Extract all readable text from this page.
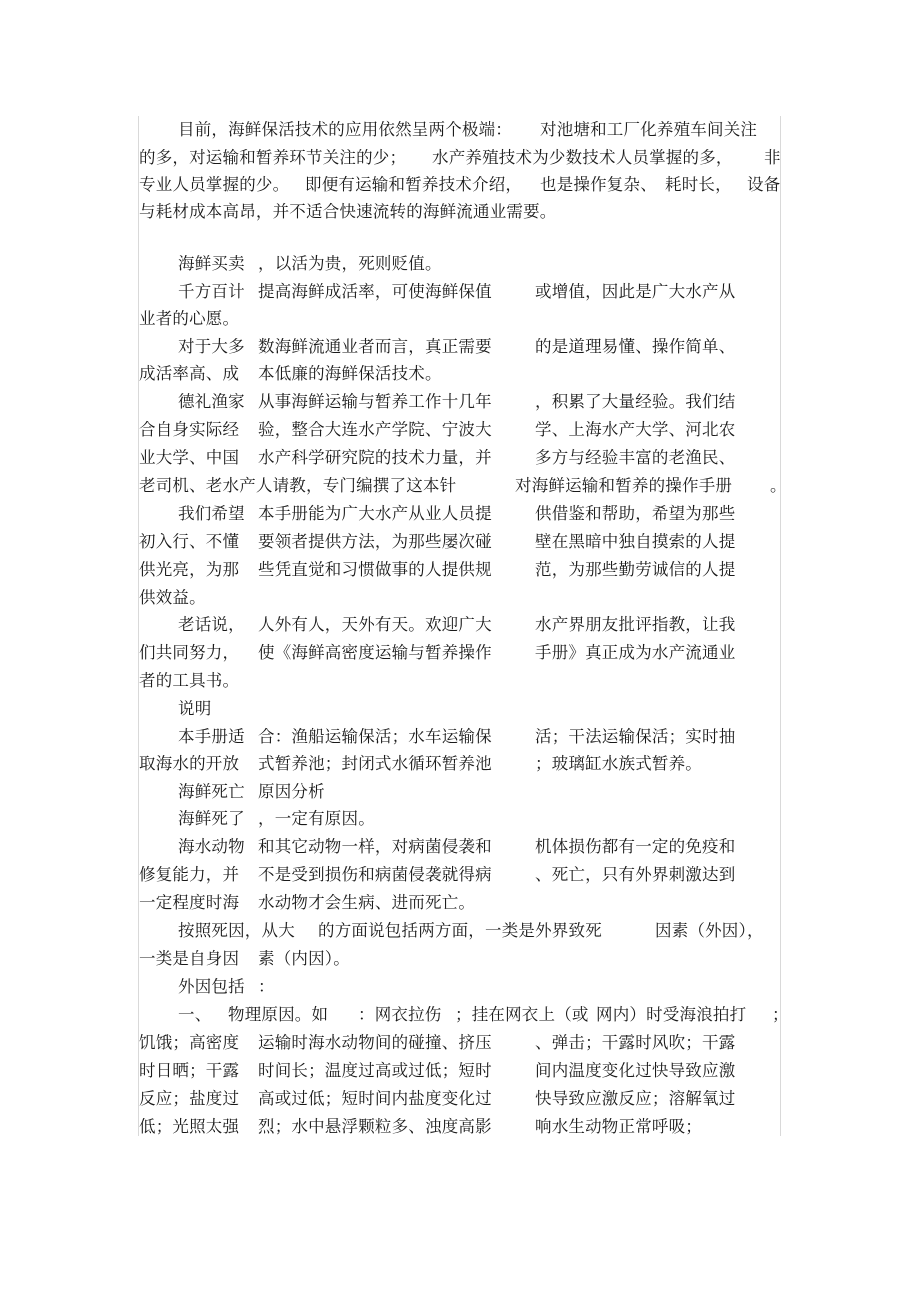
目前，海鲜保活技术的应用依然呈两个极端： 对池塘和工厂化养殖车间关注
的多，对运输和暂养环节关注的少； 水产养殖技术为少数技术人员掌握的多， 非
专业人员掌握的少。 即便有运输和暂养技术介绍， 也是操作复杂、 耗时长， 设备
与耗材成本高昂，并不适合快速流转的海鲜流通业需要。
海鲜买卖 ，以活为贵，死则贬值。
千方百计 提高海鲜成活率，可使海鲜保值	或增值，因此是广大水产从
业者的心愿。
对于大多 数海鲜流通业者而言，真正需要	的是道理易懂、操作简单、
成活率高、成 本低廉的海鲜保活技术。
德礼渔家 从事海鲜运输与暂养工作十几年	，积累了大量经验。我们结
合自身实际经 验，整合大连水产学院、宁波大	学、上海水产大学、河北农
业大学、中国 水产科学研究院的技术力量，并	多方与经验丰富的老渔民、
老司机、老水产人请教，专门编撰了这本针	对海鲜运输和暂养的操作手册 。
我们希望 本手册能为广大水产从业人员提	供借鉴和帮助，希望为那些
初入行、不懂 要领者提供方法，为那些屡次碰	壁在黑暗中独自摸索的人提
供光亮，为那 些凭直觉和习惯做事的人提供规	范，为那些勤劳诚信的人提
供效益。
老话说， 人外有人，天外有天。欢迎广大	水产界朋友批评指教，让我
们共同努力， 使《海鲜高密度运输与暂养操作	手册》真正成为水产流通业
者的工具书。
说明
本手册适 合：渔船运输保活；水车运输保	活；干法运输保活；实时抽
取海水的开放 式暂养池；封闭式水循环暂养池	；玻璃缸水族式暂养。
海鲜死亡 原因分析
海鲜死了 ，一定有原因。
海水动物 和其它动物一样，对病菌侵袭和	机体损伤都有一定的免疫和
修复能力，并 不是受到损伤和病菌侵袭就得病	、死亡，只有外界刺激达到
一定程度时海 水动物才会生病、进而死亡。
按照死因，从大 的方面说包括两方面，一类是外界致死	因素（外因），
一类是自身因 素（内因）。
外因包括 ：
一、 物理原因。如 ：网衣拉伤 ；挂在网衣上（或 网内）时受海浪拍打 ；
饥饿；高密度 运输时海水动物间的碰撞、挤压	、弹击；干露时风吹；干露
时日晒；干露 时间长；温度过高或过低；短时	间内温度变化过快导致应激
反应；盐度过 高或过低；短时间内盐度变化过	快导致应激反应；溶解氧过
低；光照太强 烈；水中悬浮颗粒多、浊度高影	响水生动物正常呼吸；
